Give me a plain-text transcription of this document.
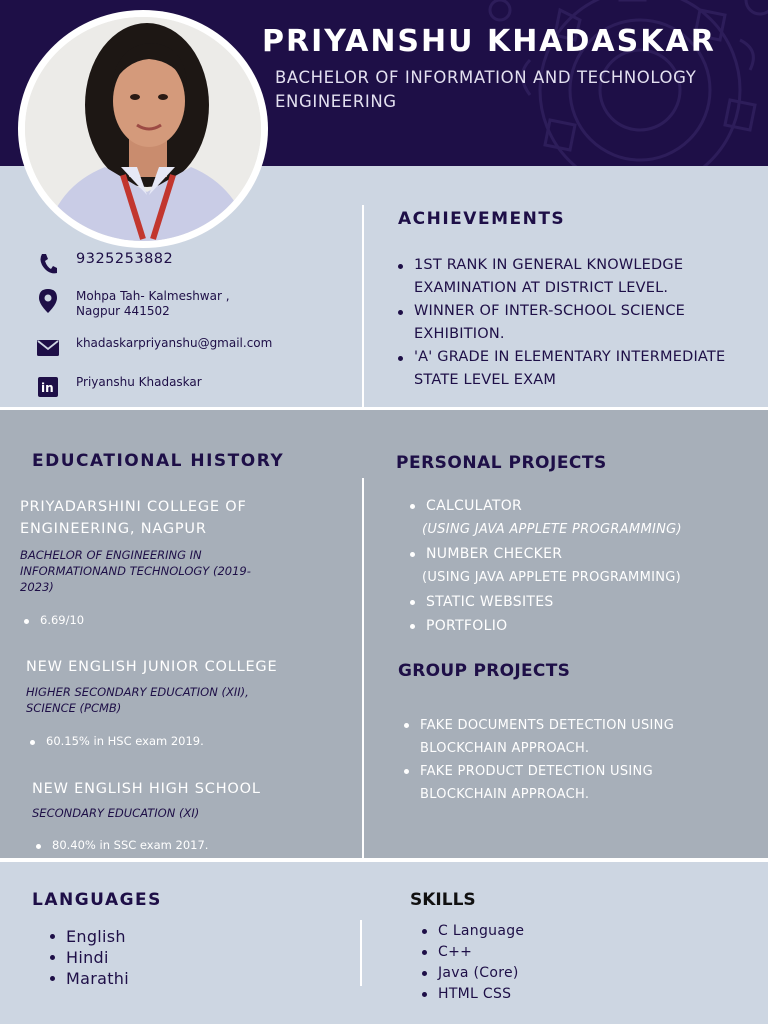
PRIYANSHU KHADASKAR
BACHELOR OF INFORMATION AND TECHNOLOGY ENGINEERING
9325253882
Mohpa Tah- Kalmeshwar ,
Nagpur 441502
khadaskarpriyanshu@gmail.com
in Priyanshu Khadaskar
ACHIEVEMENTS
1ST RANK IN GENERAL KNOWLEDGE EXAMINATION AT DISTRICT LEVEL.
WINNER OF INTER-SCHOOL SCIENCE EXHIBITION.
'A' GRADE IN ELEMENTARY INTERMEDIATE STATE LEVEL EXAM
EDUCATIONAL HISTORY
PRIYADARSHINI COLLEGE OF ENGINEERING, NAGPUR
BACHELOR OF ENGINEERING IN INFORMATIONAND TECHNOLOGY (2019-2023)
6.69/10
NEW ENGLISH JUNIOR COLLEGE
HIGHER SECONDARY EDUCATION (XII), SCIENCE (PCMB)
60.15% in HSC exam 2019.
NEW ENGLISH HIGH SCHOOL
SECONDARY EDUCATION (XI)
80.40% in SSC exam 2017.
PERSONAL PROJECTS
CALCULATOR
(USING JAVA APPLETE PROGRAMMING)
NUMBER CHECKER
(USING JAVA APPLETE PROGRAMMING)
STATIC WEBSITES
PORTFOLIO
GROUP PROJECTS
FAKE DOCUMENTS DETECTION USING BLOCKCHAIN APPROACH.
FAKE PRODUCT DETECTION USING BLOCKCHAIN APPROACH.
LANGUAGES
English
Hindi
Marathi
SKILLS
C Language
C++
Java (Core)
HTML CSS
